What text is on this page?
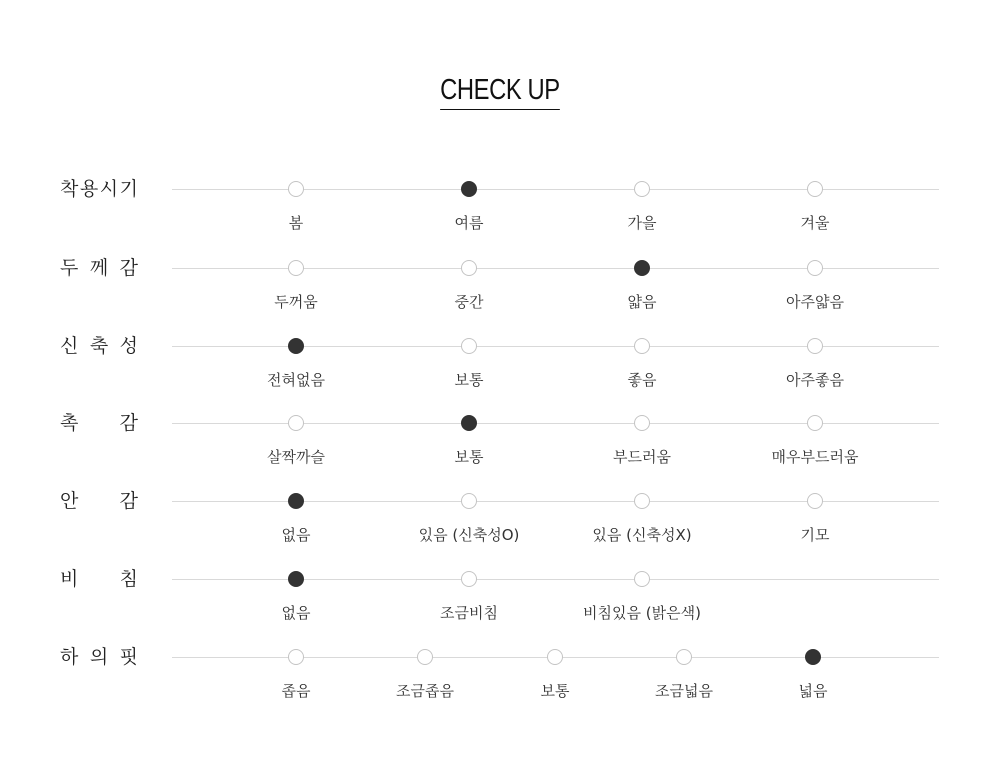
CHECK UP
착 용 시 기
봄	여름	가을	겨울
두 께 감
두꺼움	중간	얇음	아주얇음
신 축 성
전혀없음	보통	좋음	아주좋음
촉 감
살짝까슬	보통	부드러움	매우부드러움
안 감
없음	있음 (신축성O)	있음 (신축성X)	기모
비 침
없음	조금비침	비침있음 (밝은색)
하 의 핏
좁음	조금좁음	보통	조금넓음	넓음
